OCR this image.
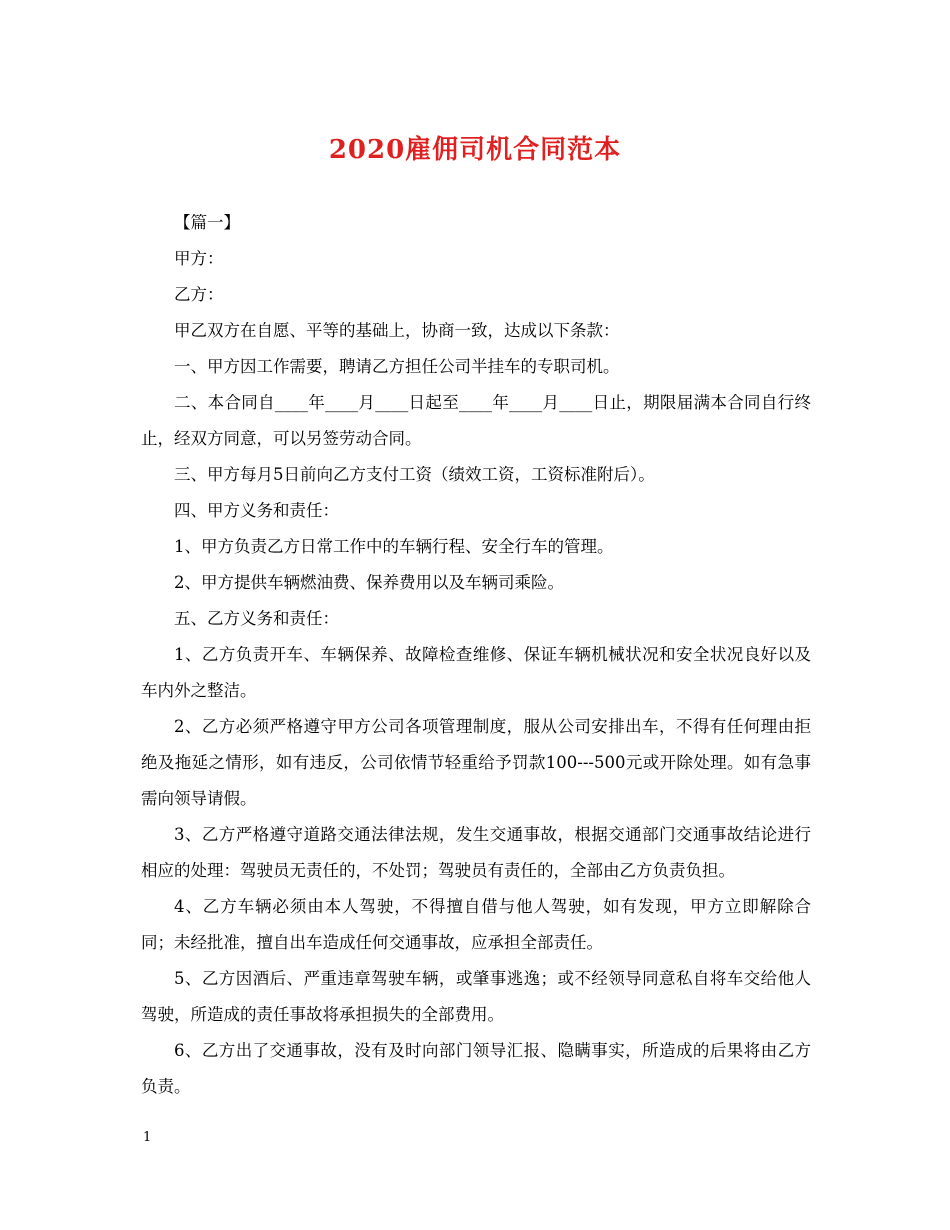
2020雇佣司机合同范本

【篇一】

甲方：

乙方：

甲乙双方在自愿、平等的基础上，协商一致，达成以下条款：

一、甲方因工作需要，聘请乙方担任公司半挂车的专职司机。

二、本合同自____年____月____日起至____年____月____日止，期限届满本合同自行终止，经双方同意，可以另签劳动合同。

三、甲方每月5日前向乙方支付工资（绩效工资，工资标准附后）。

四、甲方义务和责任：

1、甲方负责乙方日常工作中的车辆行程、安全行车的管理。

2、甲方提供车辆燃油费、保养费用以及车辆司乘险。

五、乙方义务和责任：

1、乙方负责开车、车辆保养、故障检查维修、保证车辆机械状况和安全状况良好以及车内外之整洁。

2、乙方必须严格遵守甲方公司各项管理制度，服从公司安排出车，不得有任何理由拒绝及拖延之情形，如有违反，公司依情节轻重给予罚款100---500元或开除处理。如有急事需向领导请假。

3、乙方严格遵守道路交通法律法规，发生交通事故，根据交通部门交通事故结论进行相应的处理：驾驶员无责任的，不处罚；驾驶员有责任的，全部由乙方负责负担。

4、乙方车辆必须由本人驾驶，不得擅自借与他人驾驶，如有发现，甲方立即解除合同；未经批准，擅自出车造成任何交通事故，应承担全部责任。

5、乙方因酒后、严重违章驾驶车辆，或肇事逃逸；或不经领导同意私自将车交给他人驾驶，所造成的责任事故将承担损失的全部费用。

6、乙方出了交通事故，没有及时向部门领导汇报、隐瞒事实，所造成的后果将由乙方负责。

1
